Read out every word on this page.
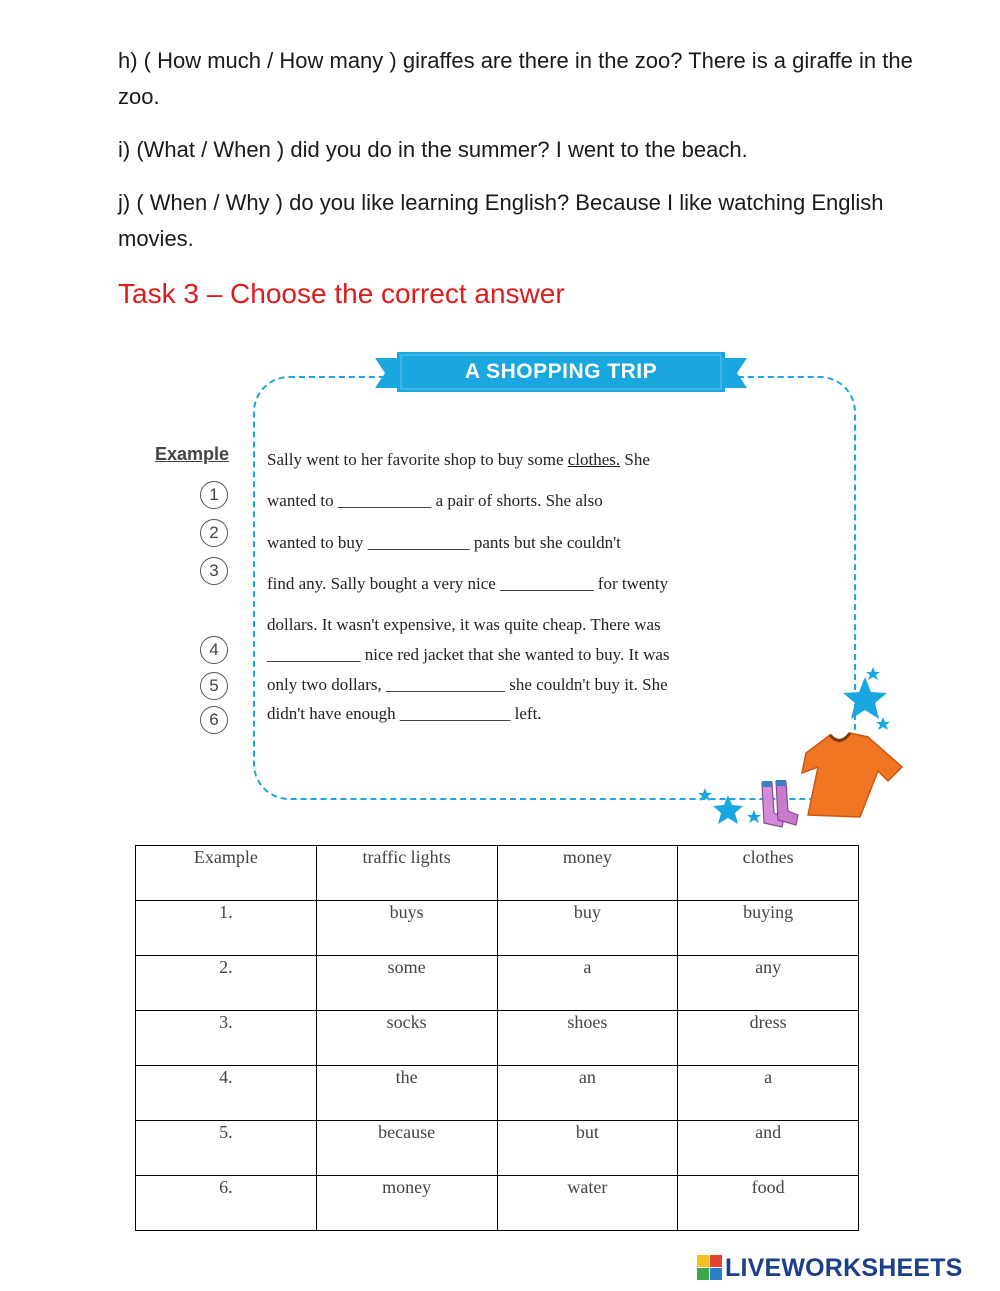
h) ( How much / How many ) giraffes are there in the zoo? There is a giraffe in the zoo.
i) (What / When ) did you do in the summer? I went to the beach.
j) ( When / Why ) do you like learning English? Because I like watching English movies.
Task 3 – Choose the correct answer
A SHOPPING TRIP
Example
1
2
3
4
5
6
Sally went to her favorite shop to buy some clothes. She
wanted to ___________ a pair of shorts. She also
wanted to buy ____________ pants but she couldn't
find any. Sally bought a very nice ___________ for twenty
dollars. It wasn't expensive, it was quite cheap. There was
___________ nice red jacket that she wanted to buy. It was
only two dollars, ______________ she couldn't buy it. She
didn't have enough _____________ left.
Example	traffic lights	money	clothes
1.	buys	buy	buying
2.	some	a	any
3.	socks	shoes	dress
4.	the	an	a
5.	because	but	and
6.	money	water	food
LIVEWORKSHEETS
